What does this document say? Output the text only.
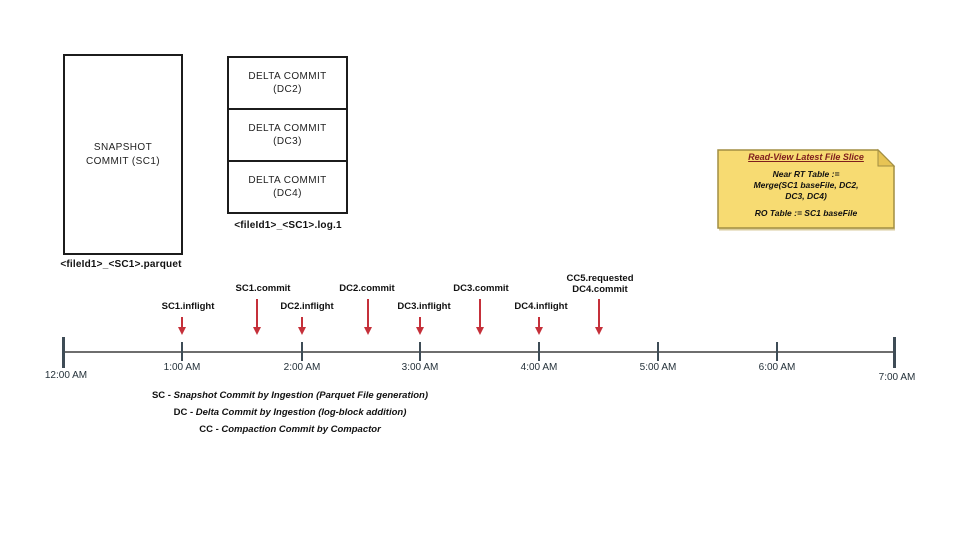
SNAPSHOT
COMMIT (SC1)
<fileId1>_<SC1>.parquet
DELTA COMMIT
(DC2)
DELTA COMMIT
(DC3)
DELTA COMMIT
(DC4)
<fileId1>_<SC1>.log.1
Read-View Latest File Slice
Near RT Table :=
Merge(SC1 baseFile, DC2,
DC3, DC4)
RO Table := SC1 baseFile
12:00 AM
1:00 AM	2:00 AM	3:00 AM	4:00 AM	5:00 AM	6:00 AM
7:00 AM
SC1.inflight
SC1.commit
DC2.inflight
DC2.commit
DC3.inflight
DC3.commit
DC4.inflight
CC5.requested
DC4.commit
SC - Snapshot Commit by Ingestion (Parquet File generation)
DC - Delta Commit by Ingestion (log-block addition)
CC - Compaction Commit by Compactor
